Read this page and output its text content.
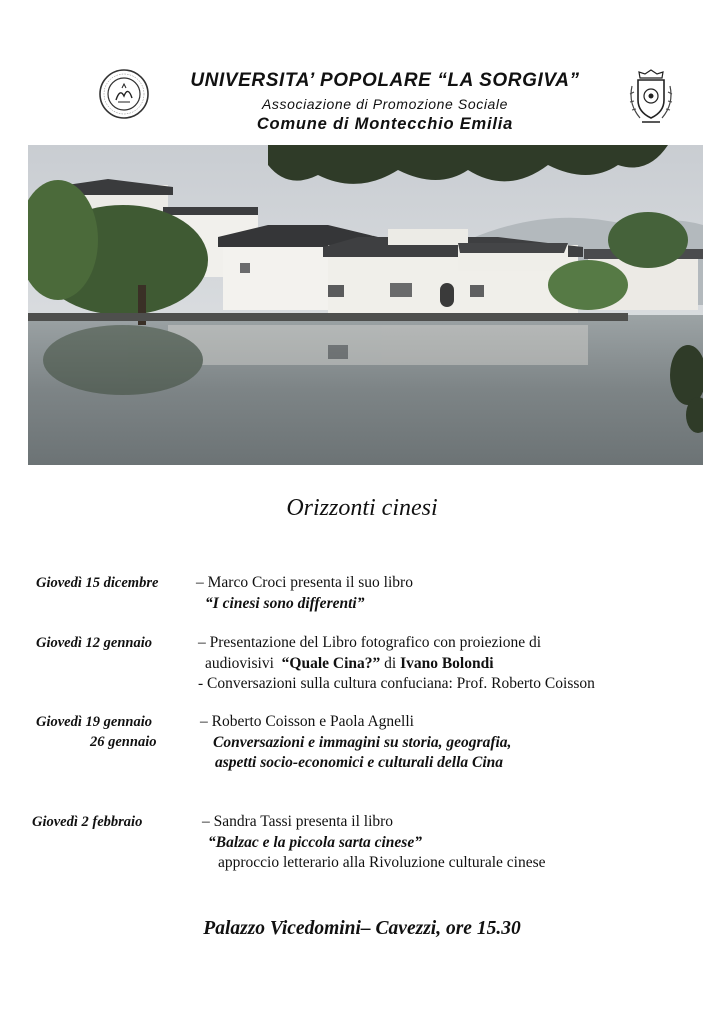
UNIVERSITA’ POPOLARE “LA SORGIVA”
Associazione di Promozione Sociale
Comune di Montecchio Emilia
Orizzonti cinesi
Giovedì 15 dicembre – Marco Croci presenta il suo libro
“I cinesi sono differenti”
Giovedì 12 gennaio	– Presentazione del Libro fotografico con proiezione di
audiovisivi “Quale Cina?” di Ivano Bolondi
- Conversazioni sulla cultura confuciana: Prof. Roberto Coisson
Giovedì 19 gennaio
26 gennaio
– Roberto Coisson e Paola Agnelli
Conversazioni e immagini su storia, geografia,
aspetti socio-economici e culturali della Cina
Giovedì 2 febbraio	– Sandra Tassi presenta il libro
“Balzac e la piccola sarta cinese”
approccio letterario alla Rivoluzione culturale cinese
Palazzo Vicedomini– Cavezzi, ore 15.30
